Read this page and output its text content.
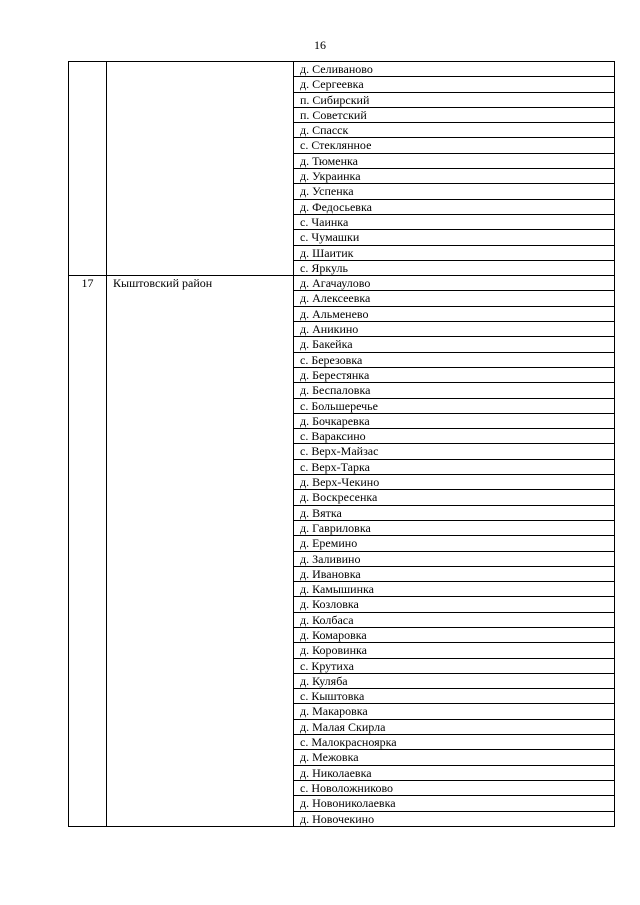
16
		д. Селиваново
		д. Сергеевка
		п. Сибирский
		п. Советский
		д. Спасск
		с. Стеклянное
		д. Тюменка
		д. Украинка
		д. Успенка
		д. Федосьевка
		с. Чаинка
		с. Чумашки
		д. Шаитик
		с. Яркуль
17	Кыштовский район	д. Агачаулово
		д. Алексеевка
		д. Альменево
		д. Аникино
		д. Бакейка
		с. Березовка
		д. Берестянка
		д. Беспаловка
		с. Большеречье
		д. Бочкаревка
		с. Вараксино
		с. Верх-Майзас
		с. Верх-Тарка
		д. Верх-Чекино
		д. Воскресенка
		д. Вятка
		д. Гавриловка
		д. Еремино
		д. Заливино
		д. Ивановка
		д. Камышинка
		д. Козловка
		д. Колбаса
		д. Комаровка
		д. Коровинка
		с. Крутиха
		д. Куляба
		с. Кыштовка
		д. Макаровка
		д. Малая Скирла
		с. Малокрасноярка
		д. Межовка
		д. Николаевка
		с. Новоложниково
		д. Новониколаевка
		д. Новочекино
